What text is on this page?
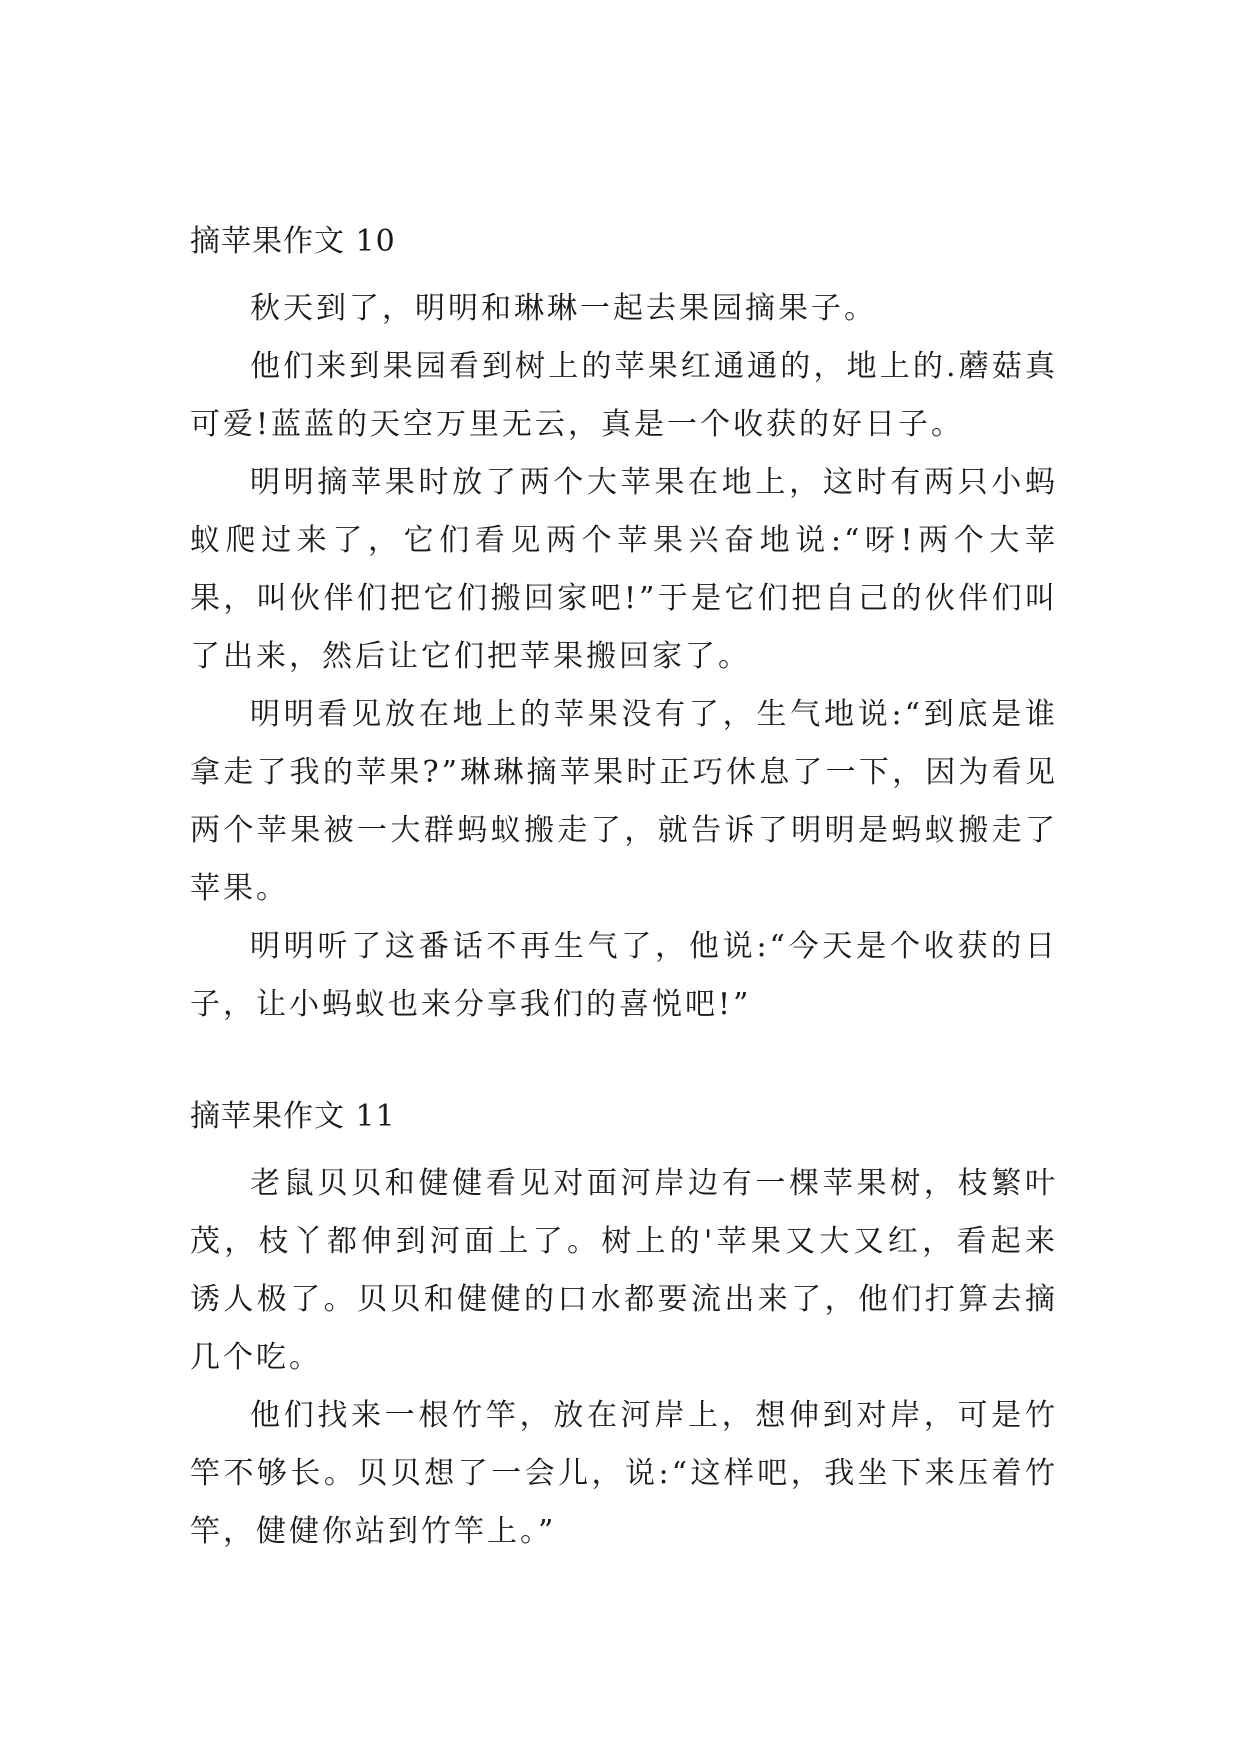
摘苹果作文 10

秋天到了，明明和琳琳一起去果园摘果子。

他们来到果园看到树上的苹果红通通的，地上的.蘑菇真可爱!蓝蓝的天空万里无云，真是一个收获的好日子。

明明摘苹果时放了两个大苹果在地上，这时有两只小蚂蚁爬过来了，它们看见两个苹果兴奋地说:“呀!两个大苹果，叫伙伴们把它们搬回家吧!”于是它们把自己的伙伴们叫了出来，然后让它们把苹果搬回家了。

明明看见放在地上的苹果没有了，生气地说:“到底是谁拿走了我的苹果?”琳琳摘苹果时正巧休息了一下，因为看见两个苹果被一大群蚂蚁搬走了，就告诉了明明是蚂蚁搬走了苹果。

明明听了这番话不再生气了，他说:“今天是个收获的日子，让小蚂蚁也来分享我们的喜悦吧!”

摘苹果作文 11

老鼠贝贝和健健看见对面河岸边有一棵苹果树，枝繁叶茂，枝丫都伸到河面上了。树上的'苹果又大又红，看起来诱人极了。贝贝和健健的口水都要流出来了，他们打算去摘几个吃。

他们找来一根竹竿，放在河岸上，想伸到对岸，可是竹竿不够长。贝贝想了一会儿，说:“这样吧，我坐下来压着竹竿，健健你站到竹竿上。”
